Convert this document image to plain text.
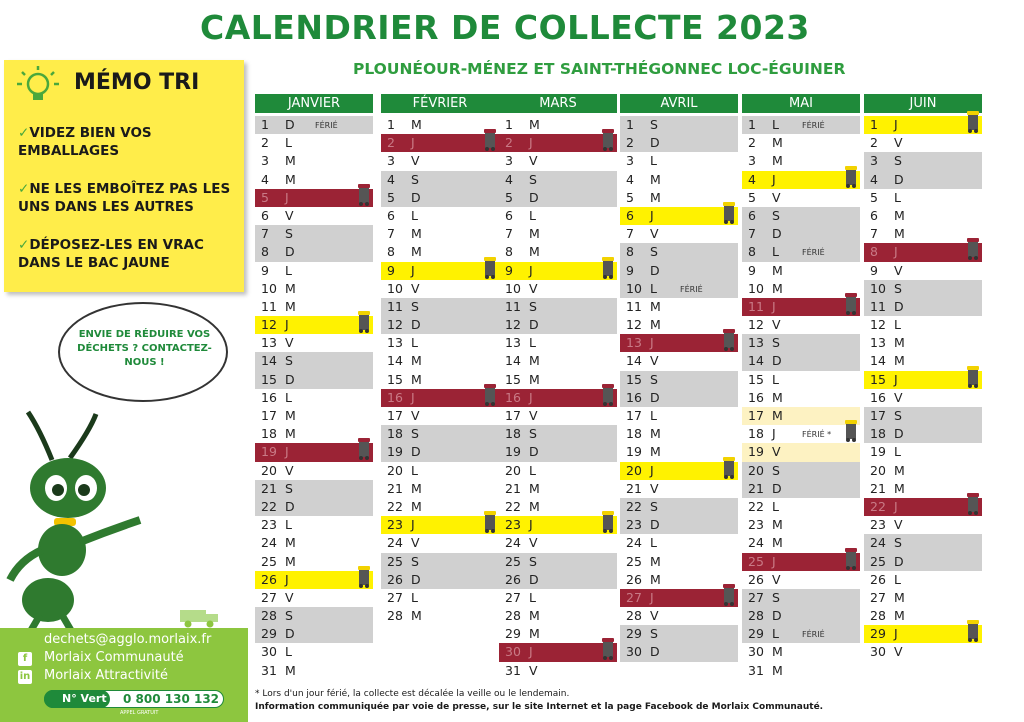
CALENDRIER DE COLLECTE 2023
PLOUNÉOUR-MÉNEZ ET SAINT-THÉGONNEC LOC-ÉGUINER
MÉMO TRI
✓VIDEZ BIEN VOS EMBALLAGES
✓NE LES EMBOÎTEZ PAS LES UNS DANS LES AUTRES
✓DÉPOSEZ-LES EN VRAC DANS LE BAC JAUNE
ENVIE DE RÉDUIRE VOS DÉCHETS ? CONTACTEZ-NOUS !
dechets@agglo.morlaix.fr
f	Morlaix Communauté
in Morlaix Attractivité
N° Vert 0 800 130 132
APPEL GRATUIT
JANVIER
1 D	FÉRIÉ
2 L
3 M
4 M
5 J
6 V
7 S
8 D
9 L
10 M
11 M
12 J
13 V
14 S
15 D
16 L
17 M
18 M
19 J
20 V
21 S
22 D
23 L
24 M
25 M
26 J
27 V
28 S
29 D
30 L
31 M
FÉVRIER
1 M
2 J
3 V
4 S
5 D
6 L
7 M
8 M
9 J
10 V
11 S
12 D
13 L
14 M
15 M
16 J
17 V
18 S
19 D
20 L
21 M
22 M
23 J
24 V
25 S
26 D
27 L
28 M
MARS
1 M
2 J
3 V
4 S
5 D
6 L
7 M
8 M
9 J
10 V
11 S
12 D
13 L
14 M
15 M
16 J
17 V
18 S
19 D
20 L
21 M
22 M
23 J
24 V
25 S
26 D
27 L
28 M
29 M
30 J
31 V
AVRIL
1 S
2 D
3 L
4 M
5 M
6 J
7 V
8 S
9 D
10 L	FÉRIÉ
11 M
12 M
13 J
14 V
15 S
16 D
17 L
18 M
19 M
20 J
21 V
22 S
23 D
24 L
25 M
26 M
27 J
28 V
29 S
30 D
MAI
1 L	FÉRIÉ
2 M
3 M
4 J
5 V
6 S
7 D
8 L	FÉRIÉ
9 M
10 M
11 J
12 V
13 S
14 D
15 L
16 M
17 M
18 J	FÉRIÉ *
19 V
20 S
21 D
22 L
23 M
24 M
25 J
26 V
27 S
28 D
29 L	FÉRIÉ
30 M
31 M
JUIN
1 J
2 V
3 S
4 D
5 L
6 M
7 M
8 J
9 V
10 S
11 D
12 L
13 M
14 M
15 J
16 V
17 S
18 D
19 L
20 M
21 M
22 J
23 V
24 S
25 D
26 L
27 M
28 M
29 J
30 V
* Lors d'un jour férié, la collecte est décalée la veille ou le lendemain.
Information communiquée par voie de presse, sur le site Internet et la page Facebook de Morlaix Communauté.
